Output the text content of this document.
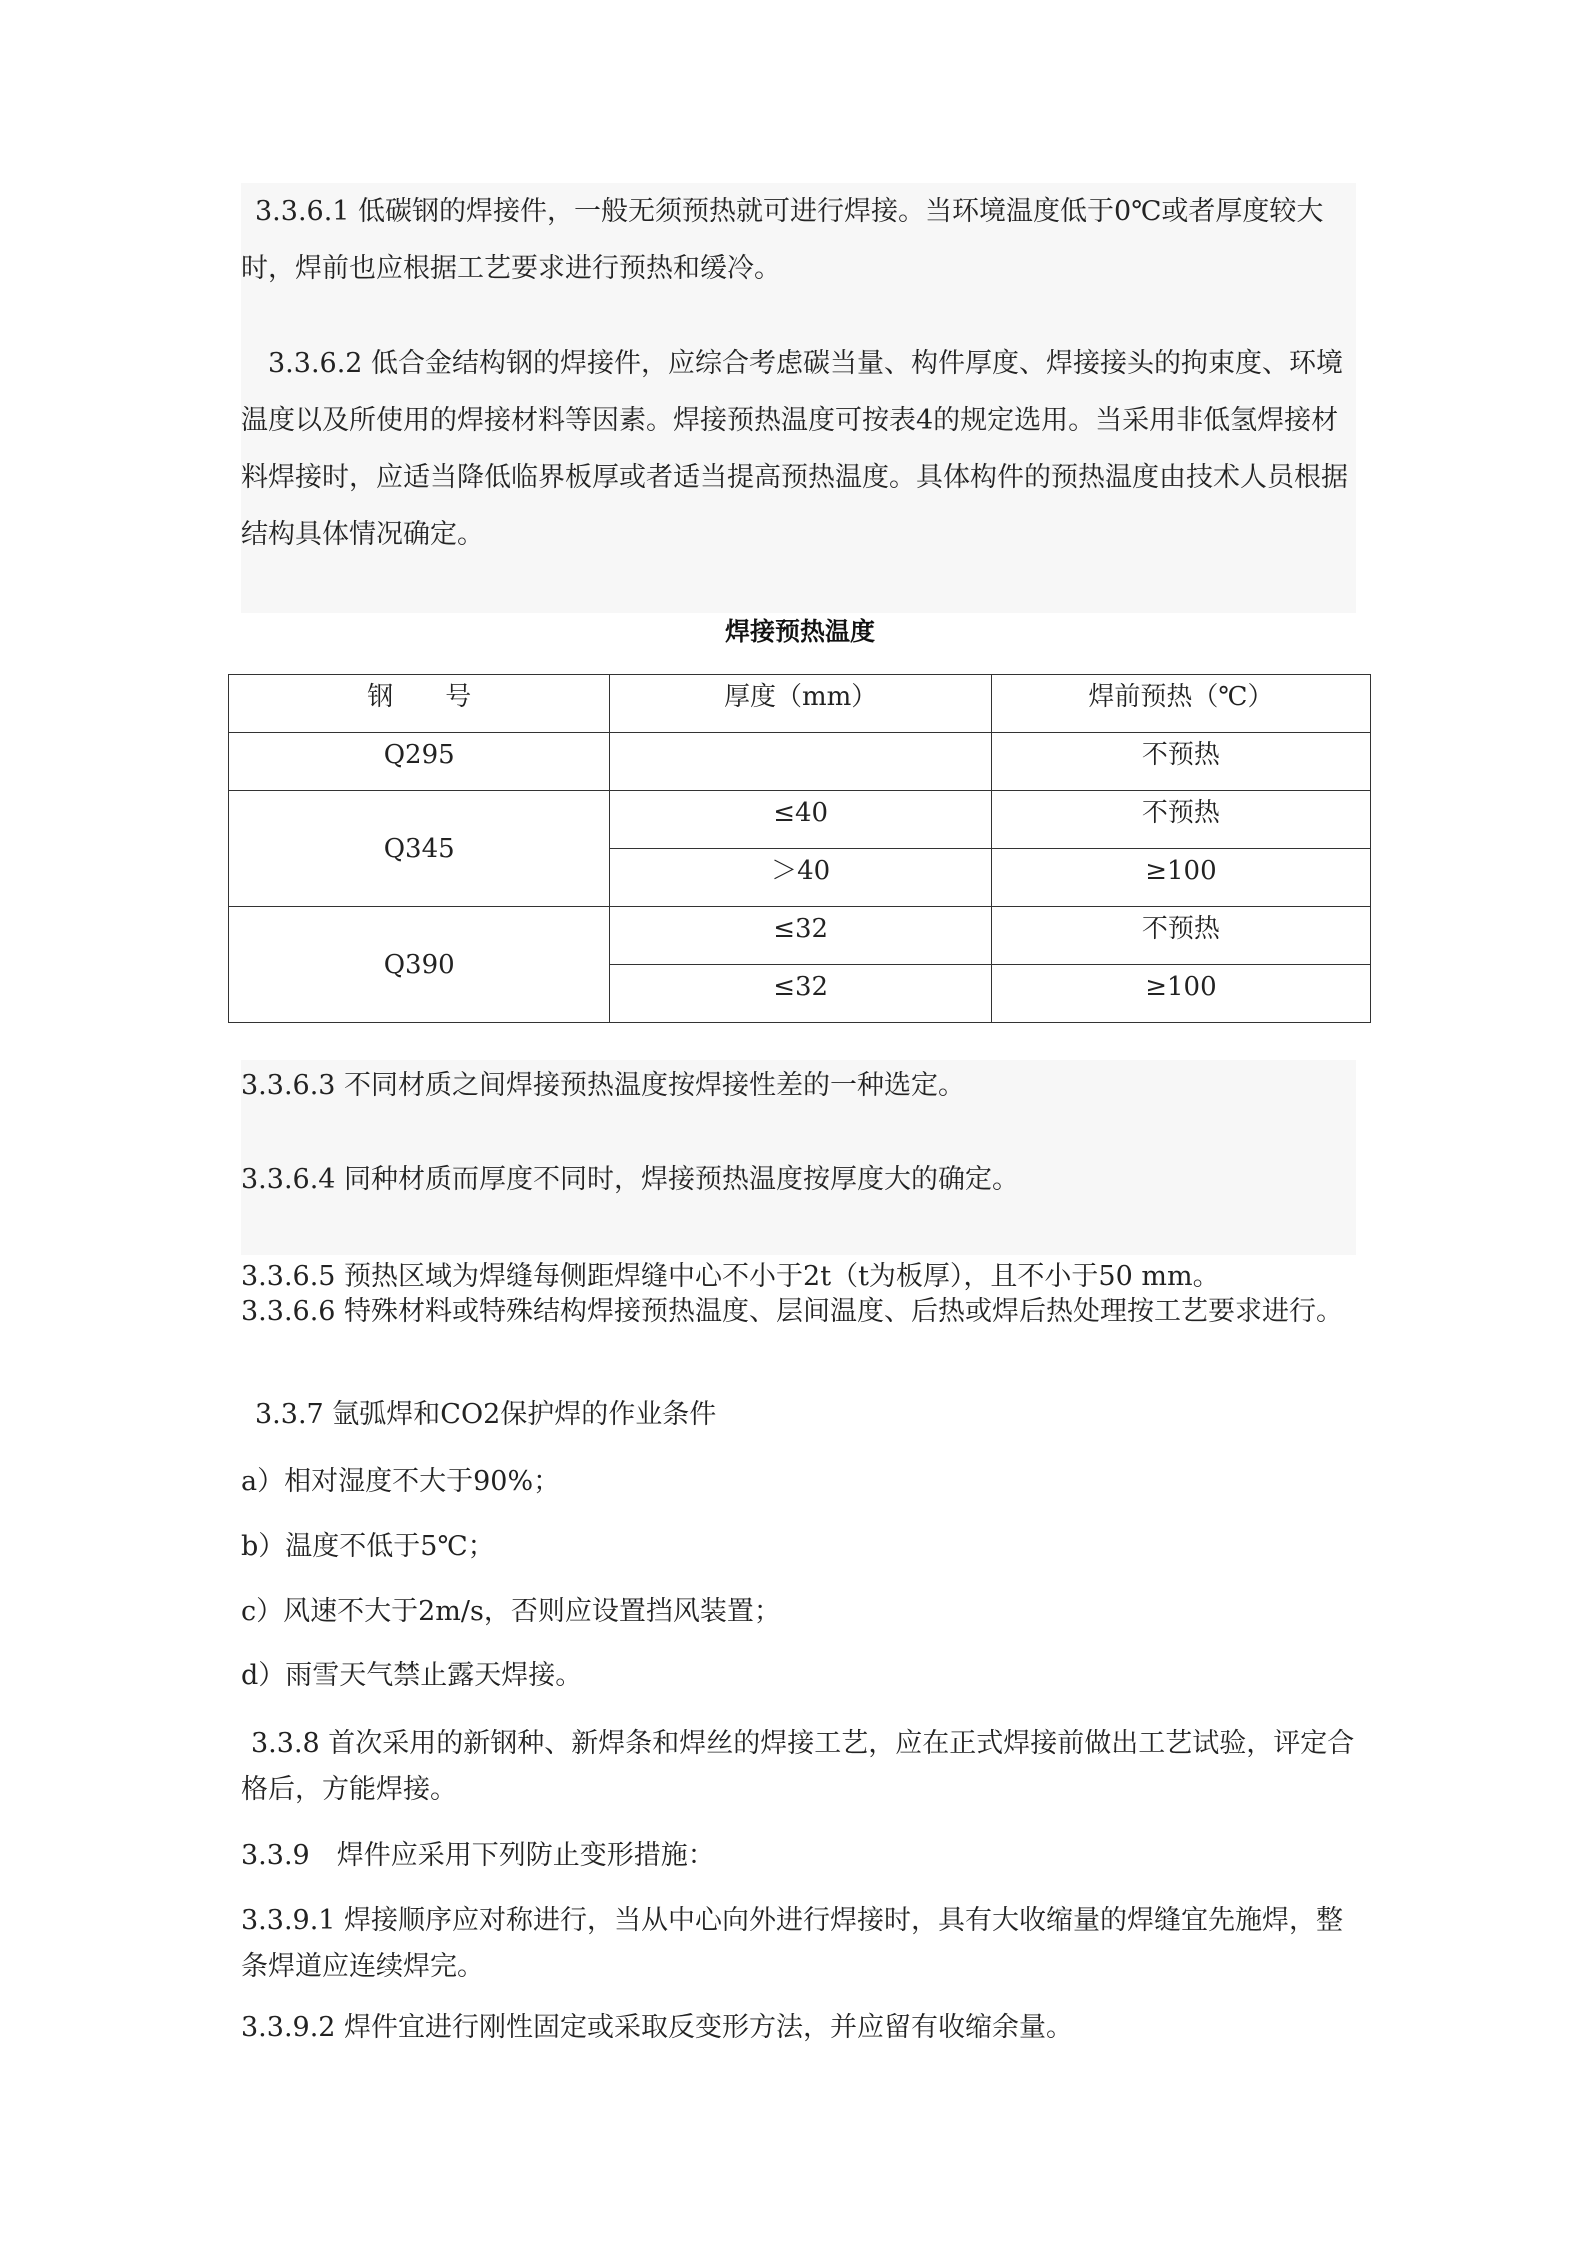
3.3.6.1 低碳钢的焊接件，一般无须预热就可进行焊接。当环境温度低于0℃或者厚度较大时，焊前也应根据工艺要求进行预热和缓冷。

3.3.6.2 低合金结构钢的焊接件，应综合考虑碳当量、构件厚度、焊接接头的拘束度、环境温度以及所使用的焊接材料等因素。焊接预热温度可按表4的规定选用。当采用非低氢焊接材料焊接时，应适当降低临界板厚或者适当提高预热温度。具体构件的预热温度由技术人员根据结构具体情况确定。

焊接预热温度
钢　　号	厚度（mm）	焊前预热（℃）
Q295		不预热
Q345	≤40	不预热
	＞40	≥100
Q390	≤32	不预热
	≤32	≥100

3.3.6.3 不同材质之间焊接预热温度按焊接性差的一种选定。

3.3.6.4 同种材质而厚度不同时，焊接预热温度按厚度大的确定。

3.3.6.5 预热区域为焊缝每侧距焊缝中心不小于2t（t为板厚），且不小于50 mm。

3.3.6.6 特殊材料或特殊结构焊接预热温度、层间温度、后热或焊后热处理按工艺要求进行。

3.3.7 氩弧焊和CO2保护焊的作业条件

a）相对湿度不大于90%；

b）温度不低于5℃；

c）风速不大于2m/s，否则应设置挡风装置；

d）雨雪天气禁止露天焊接。

3.3.8 首次采用的新钢种、新焊条和焊丝的焊接工艺，应在正式焊接前做出工艺试验，评定合格后，方能焊接。

3.3.9　焊件应采用下列防止变形措施：

3.3.9.1 焊接顺序应对称进行，当从中心向外进行焊接时，具有大收缩量的焊缝宜先施焊，整条焊道应连续焊完。

3.3.9.2 焊件宜进行刚性固定或采取反变形方法，并应留有收缩余量。
